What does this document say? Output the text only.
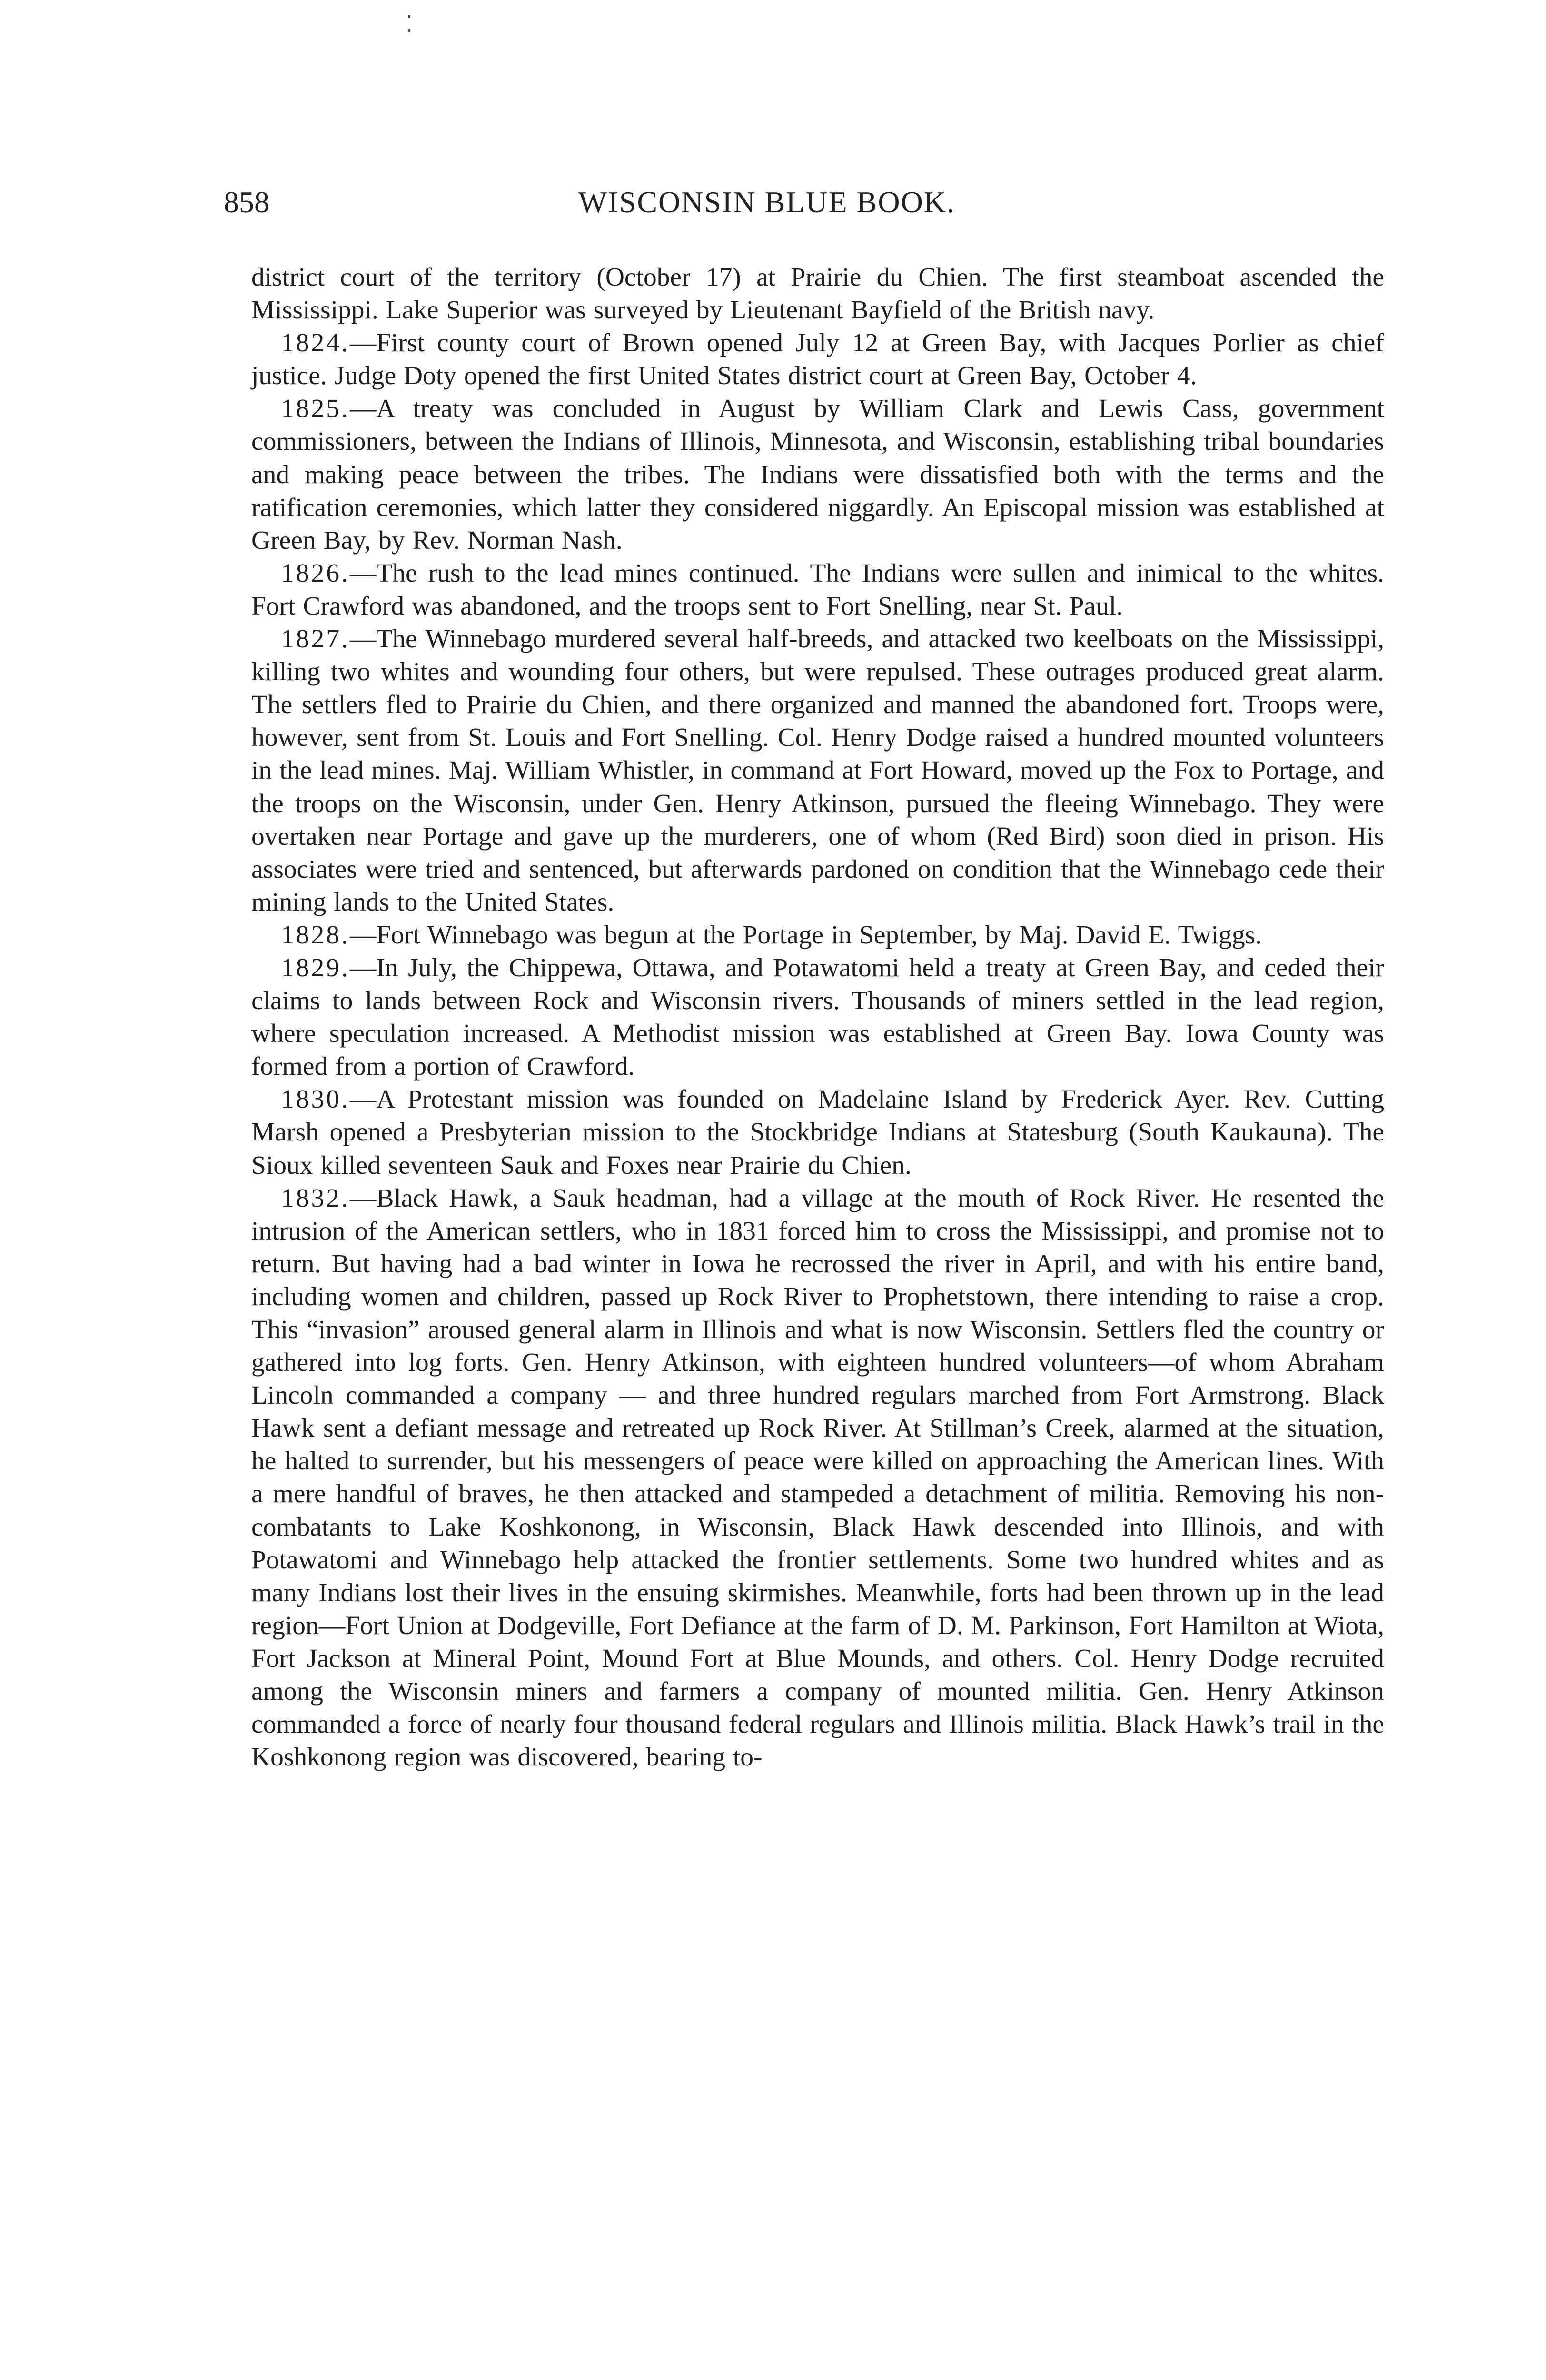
⁚
858	WISCONSIN BLUE BOOK.

district court of the territory (October 17) at Prairie du Chien. The first steamboat ascended the Mississippi. Lake Superior was surveyed by Lieutenant Bayfield of the British navy.

1824.—First county court of Brown opened July 12 at Green Bay, with Jacques Porlier as chief justice. Judge Doty opened the first United States district court at Green Bay, October 4.

1825.—A treaty was concluded in August by William Clark and Lewis Cass, government commissioners, between the Indians of Illinois, Minnesota, and Wisconsin, establishing tribal boundaries and making peace between the tribes. The Indians were dissatisfied both with the terms and the ratification ceremonies, which latter they considered niggardly. An Episcopal mission was established at Green Bay, by Rev. Norman Nash.

1826.—The rush to the lead mines continued. The Indians were sullen and inimical to the whites. Fort Crawford was abandoned, and the troops sent to Fort Snelling, near St. Paul.

1827.—The Winnebago murdered several half-breeds, and attacked two keelboats on the Mississippi, killing two whites and wounding four others, but were repulsed. These outrages produced great alarm. The settlers fled to Prairie du Chien, and there organized and manned the abandoned fort. Troops were, however, sent from St. Louis and Fort Snelling. Col. Henry Dodge raised a hundred mounted volunteers in the lead mines. Maj. William Whistler, in command at Fort Howard, moved up the Fox to Portage, and the troops on the Wisconsin, under Gen. Henry Atkinson, pursued the fleeing Winnebago. They were overtaken near Portage and gave up the murderers, one of whom (Red Bird) soon died in prison. His associates were tried and sentenced, but afterwards pardoned on condition that the Winnebago cede their mining lands to the United States.

1828.—Fort Winnebago was begun at the Portage in September, by Maj. David E. Twiggs.

1829.—In July, the Chippewa, Ottawa, and Potawatomi held a treaty at Green Bay, and ceded their claims to lands between Rock and Wisconsin rivers. Thousands of miners settled in the lead region, where speculation increased. A Methodist mission was established at Green Bay. Iowa County was formed from a portion of Crawford.

1830.—A Protestant mission was founded on Madelaine Island by Frederick Ayer. Rev. Cutting Marsh opened a Presbyterian mission to the Stockbridge Indians at Statesburg (South Kaukauna). The Sioux killed seventeen Sauk and Foxes near Prairie du Chien.

1832.—Black Hawk, a Sauk headman, had a village at the mouth of Rock River. He resented the intrusion of the American settlers, who in 1831 forced him to cross the Mississippi, and promise not to return. But having had a bad winter in Iowa he recrossed the river in April, and with his entire band, including women and children, passed up Rock River to Prophetstown, there intending to raise a crop. This “invasion” aroused general alarm in Illinois and what is now Wisconsin. Settlers fled the country or gathered into log forts. Gen. Henry Atkinson, with eighteen hundred volunteers—of whom Abraham Lincoln commanded a company — and three hundred regulars marched from Fort Armstrong. Black Hawk sent a defiant message and retreated up Rock River. At Stillman’s Creek, alarmed at the situation, he halted to surrender, but his messengers of peace were killed on approaching the American lines. With a mere handful of braves, he then attacked and stampeded a detachment of militia. Removing his non-combatants to Lake Koshkonong, in Wisconsin, Black Hawk descended into Illinois, and with Potawatomi and Winnebago help attacked the frontier settlements. Some two hundred whites and as many Indians lost their lives in the ensuing skirmishes. Meanwhile, forts had been thrown up in the lead region—Fort Union at Dodgeville, Fort Defiance at the farm of D. M. Parkinson, Fort Hamilton at Wiota, Fort Jackson at Mineral Point, Mound Fort at Blue Mounds, and others. Col. Henry Dodge recruited among the Wisconsin miners and farmers a company of mounted militia. Gen. Henry Atkinson commanded a force of nearly four thousand federal regulars and Illinois militia. Black Hawk’s trail in the Koshkonong region was discovered, bearing to-
